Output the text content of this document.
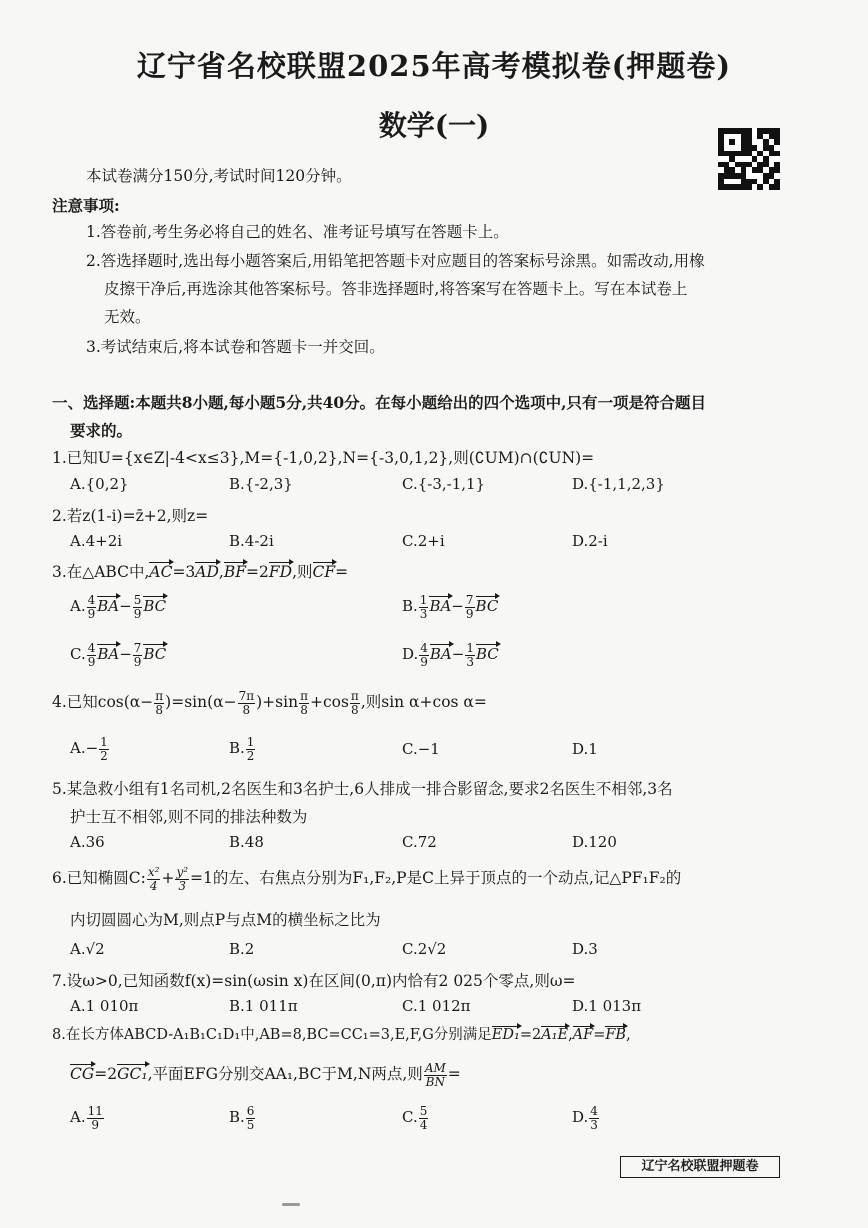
辽宁省名校联盟2025年高考模拟卷(押题卷)
数学(一)
本试卷满分150分,考试时间120分钟。
注意事项:
1.答卷前,考生务必将自己的姓名、准考证号填写在答题卡上。
2.答选择题时,选出每小题答案后,用铅笔把答题卡对应题目的答案标号涂黑。如需改动,用橡
皮擦干净后,再选涂其他答案标号。答非选择题时,将答案写在答题卡上。写在本试卷上
无效。
3.考试结束后,将本试卷和答题卡一并交回。
一、选择题:本题共8小题,每小题5分,共40分。在每小题给出的四个选项中,只有一项是符合题目
要求的。
1.已知U={x∈Z|-4<x≤3},M={-1,0,2},N={-3,0,1,2},则(∁UM)∩(∁UN)=
A.{0,2}	B.{-2,3}	C.{-3,-1,1}	D.{-1,1,2,3}
2.若z(1-i)=z̄+2,则z=
A.4+2i	B.4-2i	C.2+i	D.2-i
3.在△ABC中,AC=3AD,BF=2FD,则CF=
A. $\frac{4}{9} BA- \frac{5}{9}$ BC	B. $\frac{1}{3} BA- \frac{7}{9}$ BC
C. $\frac{4}{9} BA- \frac{7}{9}$ BC	D. $\frac{4}{9} BA- \frac{1}{3}$ BC
4.已知$\cos(\alpha- \frac{\pi}{8} )=\sin(\alpha- \frac{7\pi}{8} )+\sin \frac{\pi}{8} +\cos \frac{\pi}{8}$ ,则sin α+cos α=
$A.- \frac{1}{2}$	B. $\frac{1}{2}$	C.−1	D.1
5.某急救小组有1名司机,2名医生和3名护士,6人排成一排合影留念,要求2名医生不相邻,3名
护士互不相邻,则不同的排法种数为
A.36	B.48	C.72	D.120
6.已知椭圆C: $\frac{\text{x²}}{4} + \frac{\text{y²}}{3} =1$的左、右焦点分别为F₁,F₂,P是C上异于顶点的一个动点,记△PF₁F₂的
内切圆圆心为M,则点P与点M的横坐标之比为
A.√2	B.2	C.2√2	D.3
7.设ω>0,已知函数f(x)=sin(ωsin x)在区间(0,π)内恰有2 025个零点,则ω=
A.1 010π	B.1 011π	C.1 012π	D.1 013π
8.在长方体ABCD-A₁B₁C₁D₁中,AB=8,BC=CC₁=3,E,F,G分别满足ED₁=2A₁E,AF=FB,
CG=2GC₁,平面EFG分别交AA₁,BC于M,N两点,则 $\frac{AM}{BN}$ =
A. $\frac{11}{9}$	B. $\frac{6}{5}$	C. $\frac{5}{4}$	D. $\frac{4}{3}$
辽宁名校联盟押题卷
